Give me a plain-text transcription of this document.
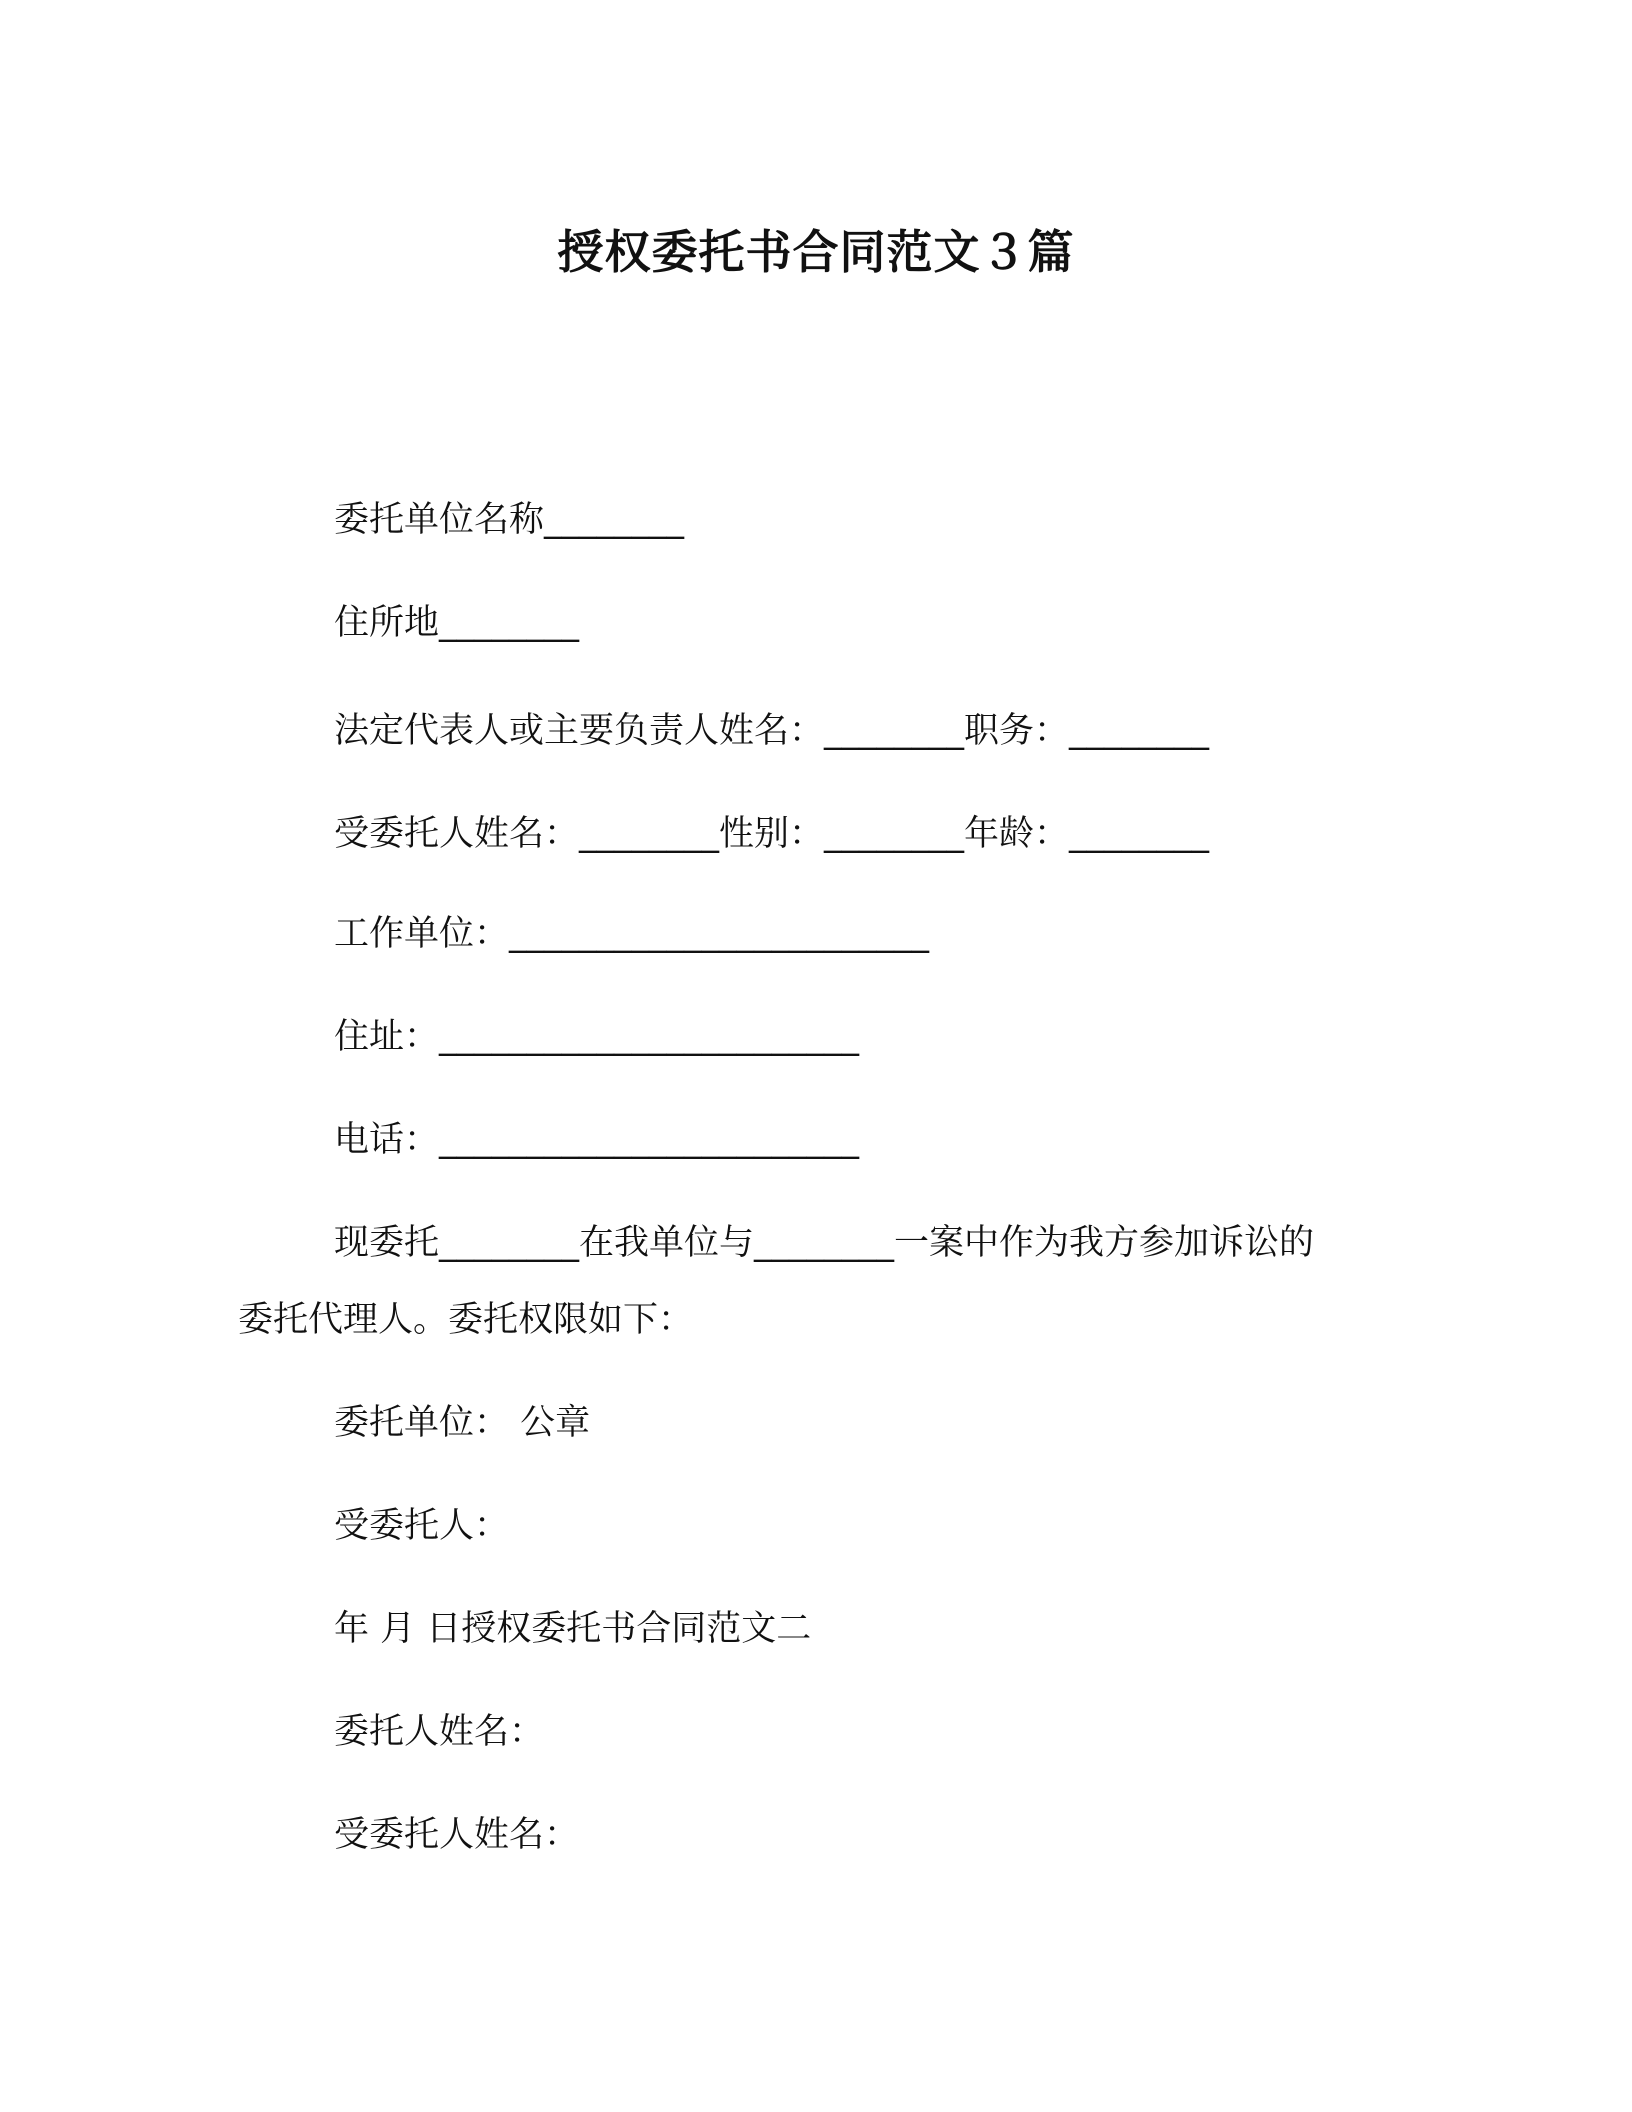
授权委托书合同范文３篇
委托单位名称________
住所地________
法定代表人或主要负责人姓名：________职务：________
受委托人姓名：________性别：________年龄：________
工作单位：________________________
住址：________________________
电话：________________________
现委托________在我单位与________一案中作为我方参加诉讼的
委托代理人。委托权限如下：
委托单位： 公章
受委托人：
年 月 日授权委托书合同范文二
委托人姓名：
受委托人姓名：
